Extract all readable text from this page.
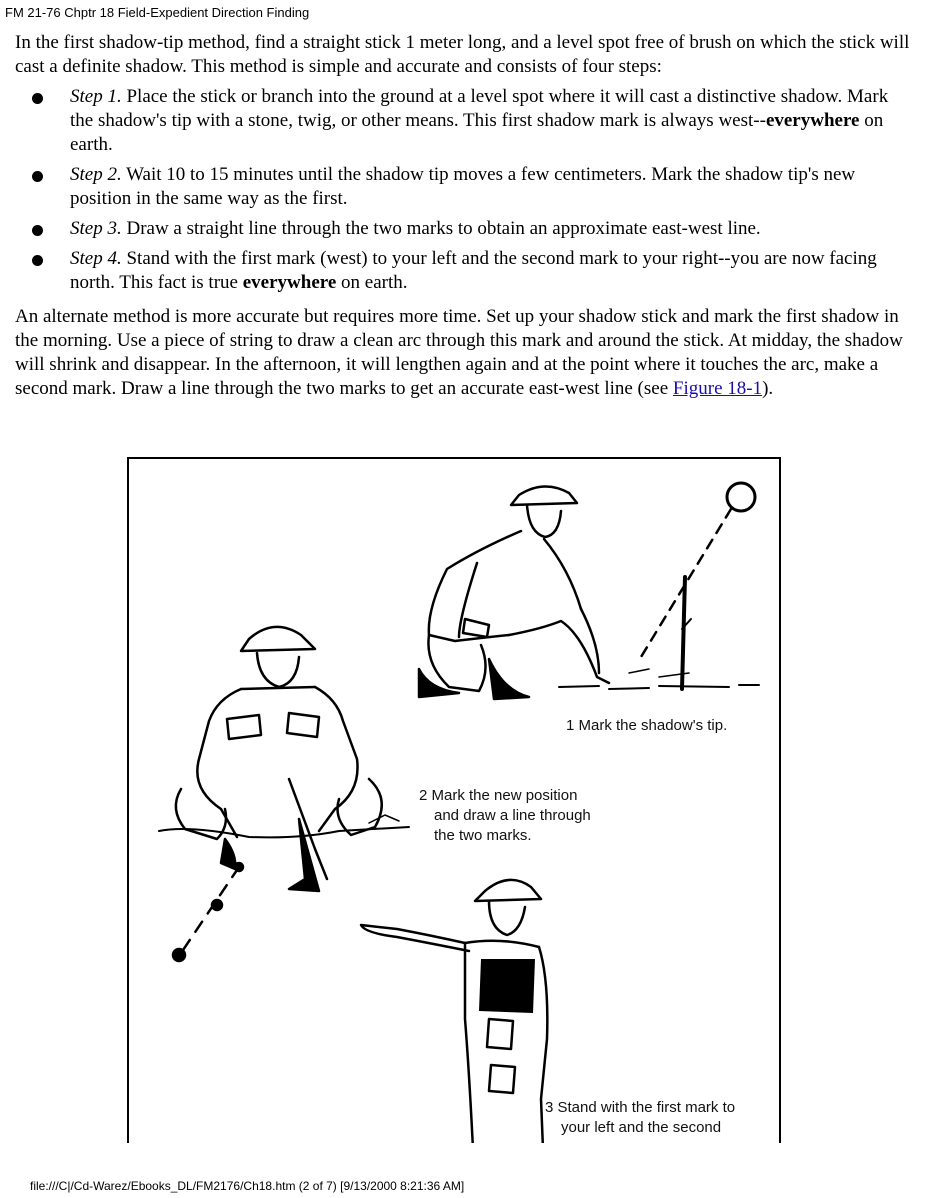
FM 21-76 Chptr 18 Field-Expedient Direction Finding

In the first shadow-tip method, find a straight stick 1 meter long, and a level spot free of brush on which the stick will cast a definite shadow. This method is simple and accurate and consists of four steps:

Step 1. Place the stick or branch into the ground at a level spot where it will cast a distinctive shadow. Mark the shadow's tip with a stone, twig, or other means. This first shadow mark is always west--everywhere on earth.
Step 2. Wait 10 to 15 minutes until the shadow tip moves a few centimeters. Mark the shadow tip's new position in the same way as the first.
Step 3. Draw a straight line through the two marks to obtain an approximate east-west line.
Step 4. Stand with the first mark (west) to your left and the second mark to your right--you are now facing north. This fact is true everywhere on earth.

An alternate method is more accurate but requires more time. Set up your shadow stick and mark the first shadow in the morning. Use a piece of string to draw a clean arc through this mark and around the stick. At midday, the shadow will shrink and disappear. In the afternoon, it will lengthen again and at the point where it touches the arc, make a second mark. Draw a line through the two marks to get an accurate east-west line (see Figure 18-1).

1 Mark the shadow's tip.
2 Mark the new position
and draw a line through
the two marks.
3 Stand with the first mark to
your left and the second
file:///C|/Cd-Warez/Ebooks_DL/FM2176/Ch18.htm (2 of 7) [9/13/2000 8:21:36 AM]
